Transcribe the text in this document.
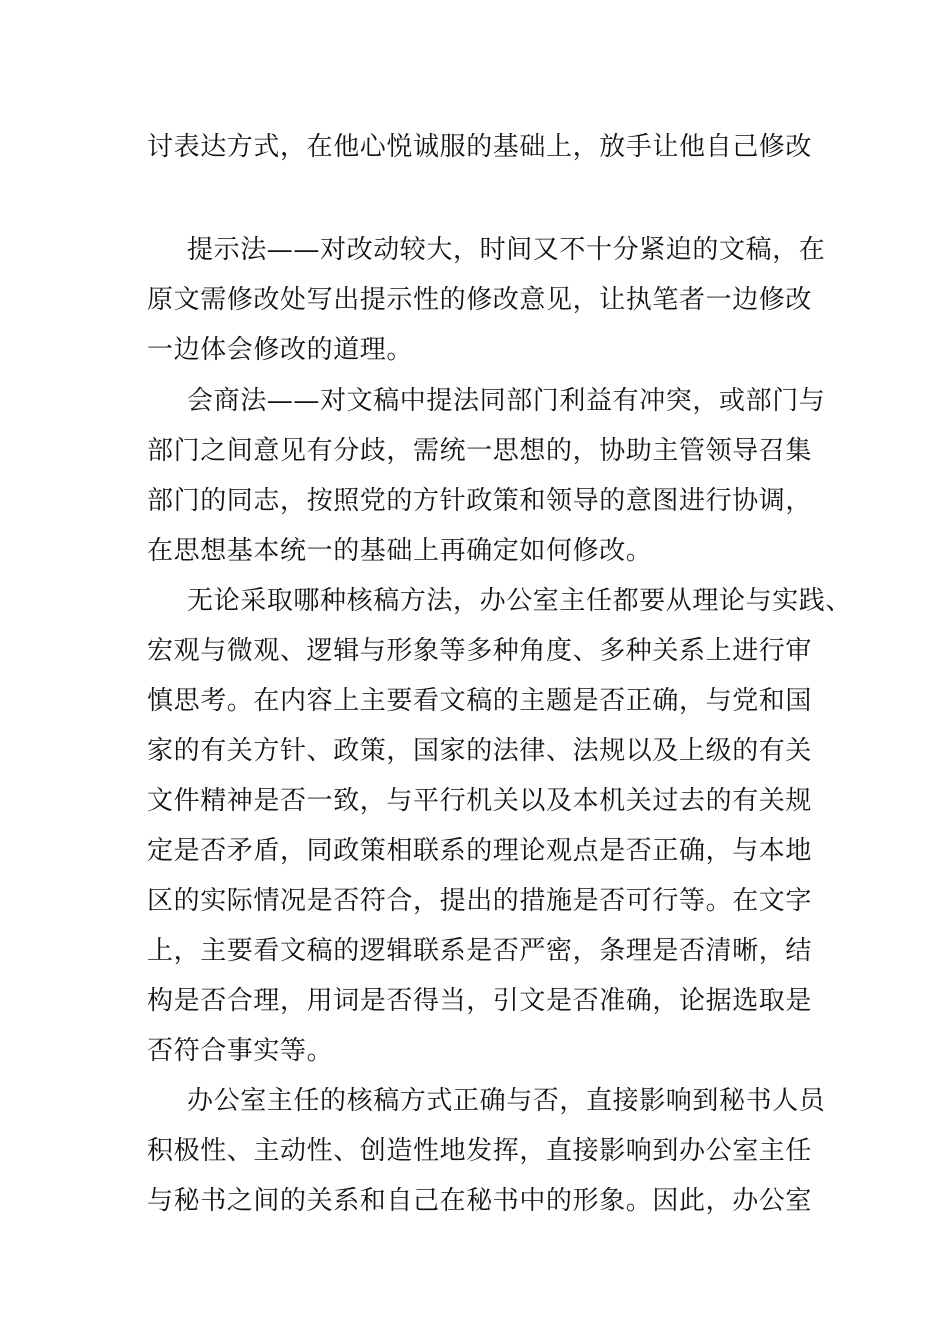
讨表达方式，在他心悦诚服的基础上，放手让他自己修改
提示法——对改动较大，时间又不十分紧迫的文稿，在
原文需修改处写出提示性的修改意见，让执笔者一边修改
一边体会修改的道理。
会商法——对文稿中提法同部门利益有冲突，或部门与
部门之间意见有分歧，需统一思想的，协助主管领导召集
部门的同志，按照党的方针政策和领导的意图进行协调，
在思想基本统一的基础上再确定如何修改。
无论采取哪种核稿方法，办公室主任都要从理论与实践、
宏观与微观、逻辑与形象等多种角度、多种关系上进行审
慎思考。在内容上主要看文稿的主题是否正确，与党和国
家的有关方针、政策，国家的法律、法规以及上级的有关
文件精神是否一致，与平行机关以及本机关过去的有关规
定是否矛盾，同政策相联系的理论观点是否正确，与本地
区的实际情况是否符合，提出的措施是否可行等。在文字
上，主要看文稿的逻辑联系是否严密，条理是否清晰，结
构是否合理，用词是否得当，引文是否准确，论据选取是
否符合事实等。
办公室主任的核稿方式正确与否，直接影响到秘书人员
积极性、主动性、创造性地发挥，直接影响到办公室主任
与秘书之间的关系和自己在秘书中的形象。因此，办公室
